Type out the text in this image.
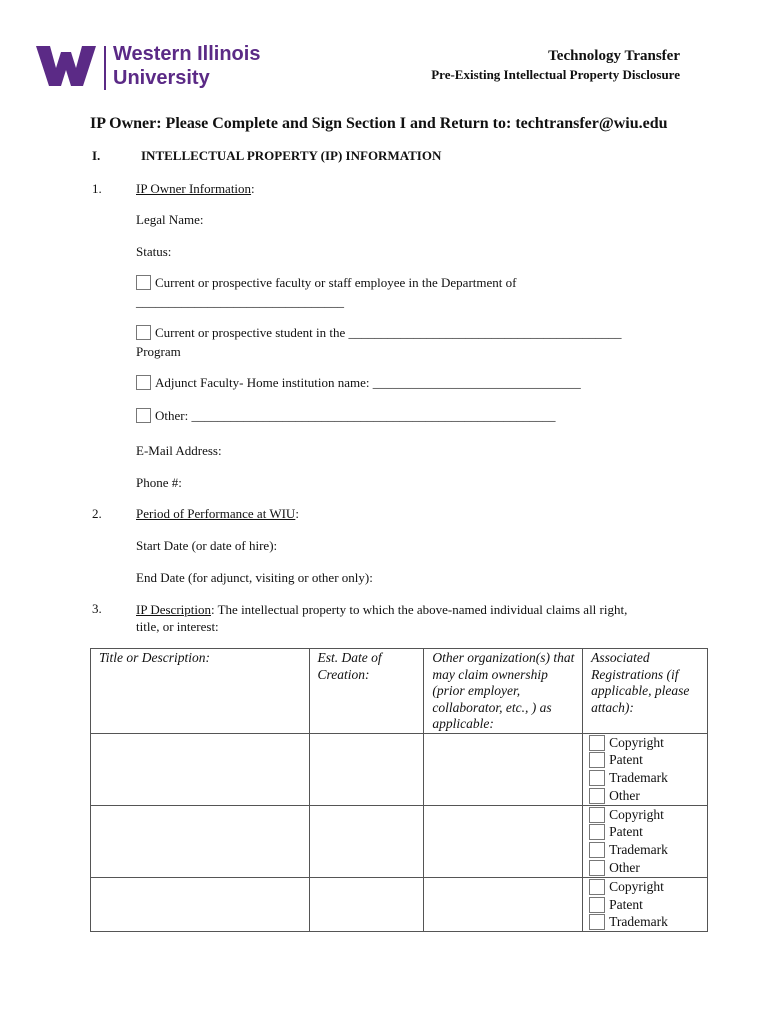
Western Illinois
University
Technology Transfer
Pre-Existing Intellectual Property Disclosure
IP Owner: Please Complete and Sign Section I and Return to: techtransfer@wiu.edu
I.	INTELLECTUAL PROPERTY (IP) INFORMATION
1.	IP Owner Information:
Legal Name:
Status:
Current or prospective faculty or staff employee in the Department of
________________________________
Current or prospective student in the __________________________________________
Program
Adjunct Faculty- Home institution name: ________________________________
Other: ________________________________________________________
E-Mail Address:
Phone #:
2.	Period of Performance at WIU:
Start Date (or date of hire):
End Date (for adjunct, visiting or other only):
3.	IP Description: The intellectual property to which the above-named individual claims all right,
title, or interest:
Title or Description:	Est. Date of Creation:	Other organization(s) that may claim ownership (prior employer, collaborator, etc., ) as applicable:	Associated Registrations (if applicable, please attach):

			Copyright
Patent
Trademark
Other

			Copyright
Patent
Trademark
Other

			Copyright
Patent
Trademark
